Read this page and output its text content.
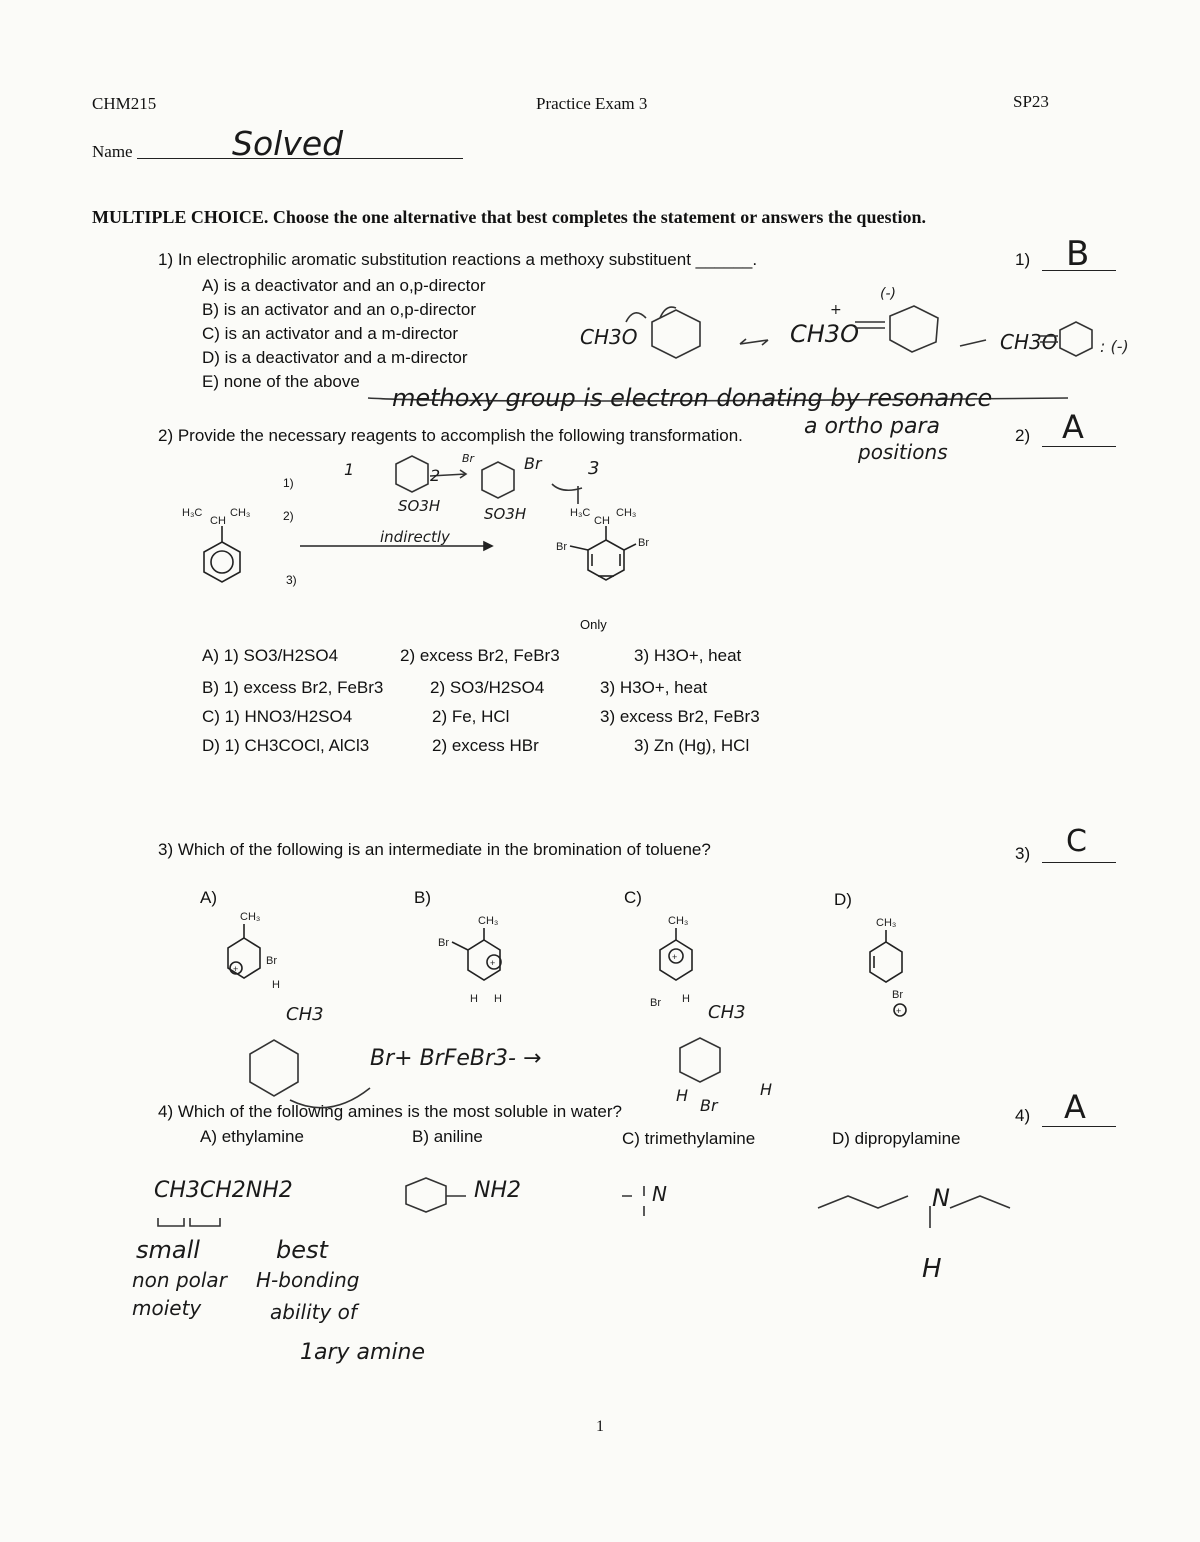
CHM215	Practice Exam 3	SP23
Name	Solved
MULTIPLE CHOICE. Choose the one alternative that best completes the statement or answers the question.
1) In electrophilic aromatic substitution reactions a methoxy substituent ______.
A) is a deactivator and an o,p-director
B) is an activator and an o,p-director
C) is an activator and a m-director
D) is a deactivator and a m-director
E) none of the above
1) B
CH3O	CH3O	CH3O
(-)
+
: (-)
methoxy group is electron donating by resonance
2) Provide the necessary reagents to accomplish the following transformation.	a ortho para
positions
2) A
H₃C
CH
CH₃	H₃C
CH
CH₃
Br	Br
1)
2)
3)
Only
SO3H	SO3H
indirectly
Br	Br	3
1	2
A) 1) SO3/H2SO4	2) excess Br2, FeBr3	3) H3O+, heat
B) 1) excess Br2, FeBr3	2) SO3/H2SO4	3) H3O+, heat
C) 1) HNO3/H2SO4	2) Fe, HCl	3) excess Br2, FeBr3
D) 1) CH3COCl, AlCl3	2) excess HBr	3) Zn (Hg), HCl
3) Which of the following is an intermediate in the bromination of toluene?	3) C
A)	B)	C)	D)
CH₃
+
Br
H
CH₃
+
Br
H H
CH₃
+
Br H
CH₃
Br
+
CH3
Br+ BrFeBr3- →
CH3
H
Br
H
4) Which of the following amines is the most soluble in water?	4) A
A) ethylamine	B) aniline	C) trimethylamine	D) dipropylamine
CH3CH2NH2
small
non polar
moiety
best
H-bonding
ability of
1ary amine
NH2	N	N
H
1
